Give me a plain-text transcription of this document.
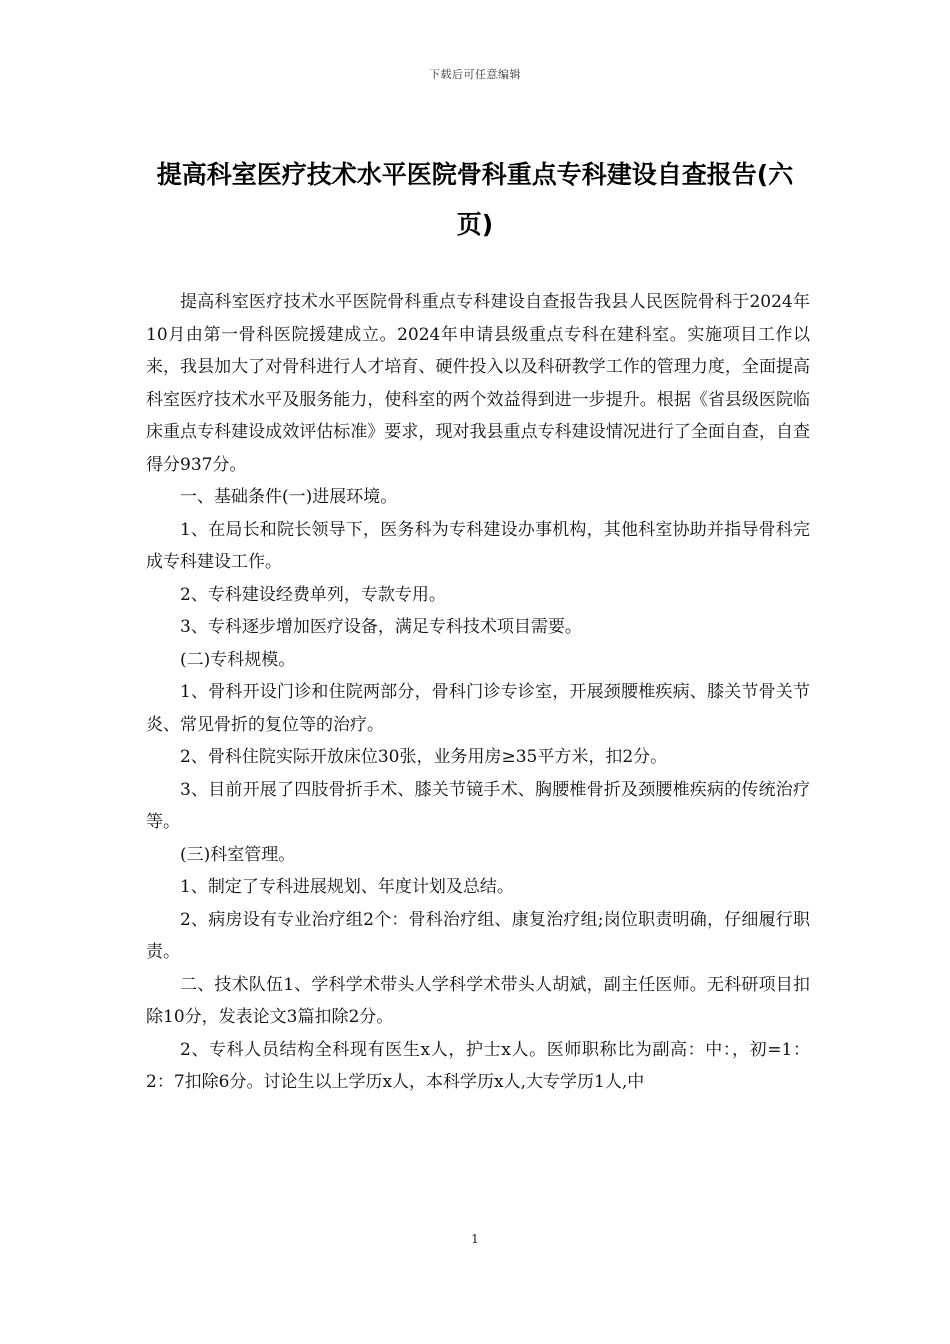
下载后可任意编辑
提高科室医疗技术水平医院骨科重点专科建设自查报告(六页)

提高科室医疗技术水平医院骨科重点专科建设自查报告我县人民医院骨科于2024年10月由第一骨科医院援建成立。2024年申请县级重点专科在建科室。实施项目工作以来，我县加大了对骨科进行人才培育、硬件投入以及科研教学工作的管理力度，全面提高科室医疗技术水平及服务能力，使科室的两个效益得到进一步提升。根据《省县级医院临床重点专科建设成效评估标准》要求，现对我县重点专科建设情况进行了全面自查，自查得分937分。

一、基础条件(一)进展环境。

1、在局长和院长领导下，医务科为专科建设办事机构，其他科室协助并指导骨科完成专科建设工作。

2、专科建设经费单列，专款专用。

3、专科逐步增加医疗设备，满足专科技术项目需要。

(二)专科规模。

1、骨科开设门诊和住院两部分，骨科门诊专诊室，开展颈腰椎疾病、膝关节骨关节炎、常见骨折的复位等的治疗。

2、骨科住院实际开放床位30张，业务用房≥35平方米，扣2分。

3、目前开展了四肢骨折手术、膝关节镜手术、胸腰椎骨折及颈腰椎疾病的传统治疗等。

(三)科室管理。

1、制定了专科进展规划、年度计划及总结。

2、病房设有专业治疗组2个：骨科治疗组、康复治疗组;岗位职责明确，仔细履行职责。

二、技术队伍1、学科学术带头人学科学术带头人胡斌，副主任医师。无科研项目扣除10分，发表论文3篇扣除2分。

2、专科人员结构全科现有医生x人，护士x人。医师职称比为副高：中：，初=1：2：7扣除6分。讨论生以上学历x人，本科学历x人,大专学历1人,中

1
